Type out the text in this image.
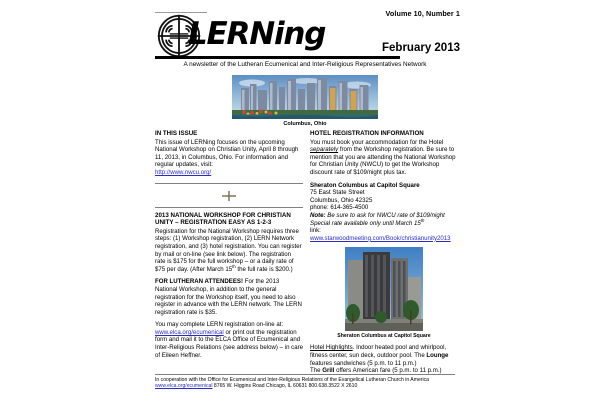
Volume 10, Number 1
LERNing	February 2013
A newsletter of the Lutheran Ecumenical and Inter-Religious Representatives Network
Columbus, Ohio
IN THIS ISSUE

This issue of LERNing focuses on the upcoming National Workshop on Christian Unity, April 8 through 11, 2013, in Columbus, Ohio. For information and regular updates, visit:

http://www.nwcu.org/

2013 NATIONAL WORKSHOP FOR CHRISTIAN UNITY – REGISTRATION EASY AS 1-2-3

Registration for the National Workshop requires three steps: (1) Workshop registration, (2) LERN Network registration, and (3) hotel registration. You can register by mail or on-line (see link below). The registration rate is $175 for the full workshop – or a daily rate of $75 per day. (After March 15th the full rate is $200.)

FOR LUTHERAN ATTENDEES! For the 2013 National Workshop, in addition to the general registration for the Workshop itself, you need to also register in advance with the LERN network. The LERN registration rate is $35.

You may complete LERN registration on-line at: www.elca.org/ecumenical or print out the registration form and mail it to the ELCA Office of Ecumenical and Inter-Religious Relations (see address below) – in care of Eileen Heffner.

HOTEL REGISTRATION INFORMATION

You must book your accommodation for the Hotel separately from the Workshop registration. Be sure to mention that you are attending the National Workshop for Christian Unity (NWCU) to get the Workshop discount rate of $109/night plus tax.

Sheraton Columbus at Capitol Square

75 East State Street

Columbus, Ohio 42325

phone: 614-365-4500

Note: Be sure to ask for NWCU rate of $109/night

Special rate available only until March 15th

link: www.starwoodmeeting.com/Book/christianunity2013

Sheraton Columbus at Capitol Square

Hotel Highlights. Indoor heated pool and whirlpool, fitness center, sun deck, outdoor pool. The Lounge features sandwiches (5 p.m. to 11 p.m.)

The Grill offers American fare (5 p.m. to 11 p.m.)

In cooperation with the Office for Ecumenical and Inter-Religious Relations of the Evangelical Lutheran Church in America
www.elca.org/ecumenical 8765 W. Higgins Road Chicago, IL 60631 800.638.3522 X 2610
